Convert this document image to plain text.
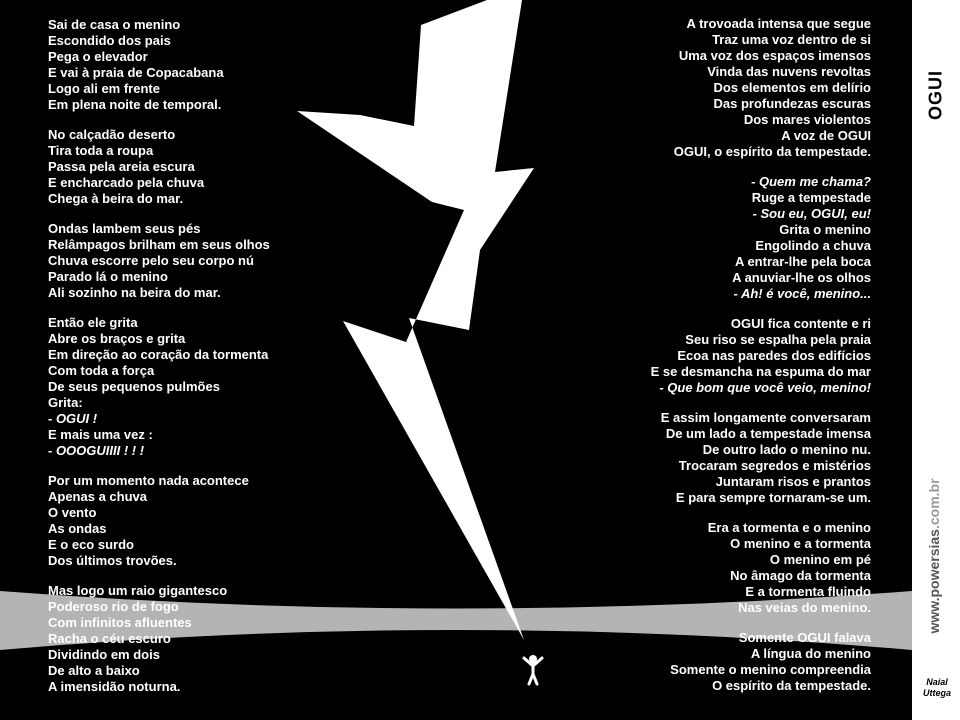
Sai de casa o menino
Escondido dos pais
Pega o elevador
E vai à praia de Copacabana
Logo ali em frente
Em plena noite de temporal.
No calçadão deserto
Tira toda a roupa
Passa pela areia escura
E encharcado pela chuva
Chega à beira do mar.
Ondas lambem seus pés
Relâmpagos brilham em seus olhos
Chuva escorre pelo seu corpo nú
Parado lá o menino
Ali sozinho na beira do mar.
Então ele grita
Abre os braços e grita
Em direção ao coração da tormenta
Com toda a força
De seus pequenos pulmões
Grita:
- OGUI !
E mais uma vez :
- OOOGUIIII ! ! !
Por um momento nada acontece
Apenas a chuva
O vento
As ondas
E o eco surdo
Dos últimos trovões.
Mas logo um raio gigantesco
Poderoso rio de fogo
Com infinitos afluentes
Racha o céu escuro
Dividindo em dois
De alto a baixo
A imensidão noturna.
A trovoada intensa que segue
Traz uma voz dentro de si
Uma voz dos espaços imensos
Vinda das nuvens revoltas
Dos elementos em delírio
Das profundezas escuras
Dos mares violentos
A voz de OGUI
OGUI, o espírito da tempestade.
- Quem me chama?
Ruge a tempestade
- Sou eu, OGUI, eu!
Grita o menino
Engolindo a chuva
A entrar-lhe pela boca
A anuviar-lhe os olhos
- Ah! é você, menino...
OGUI fica contente e ri
Seu riso se espalha pela praia
Ecoa nas paredes dos edifícios
E se desmancha na espuma do mar
- Que bom que você veio, menino!
E assim longamente conversaram
De um lado a tempestade imensa
De outro lado o menino nu.
Trocaram segredos e mistérios
Juntaram risos e prantos
E para sempre tornaram-se um.
Era a tormenta e o menino
O menino e a tormenta
O menino em pé
No âmago da tormenta
E a tormenta fluindo
Nas veias do menino.
Somente OGUI falava
A língua do menino
Somente o menino compreendia
O espírito da tempestade.
OGUI
www.powersias.com.br
Naial
Uttega
